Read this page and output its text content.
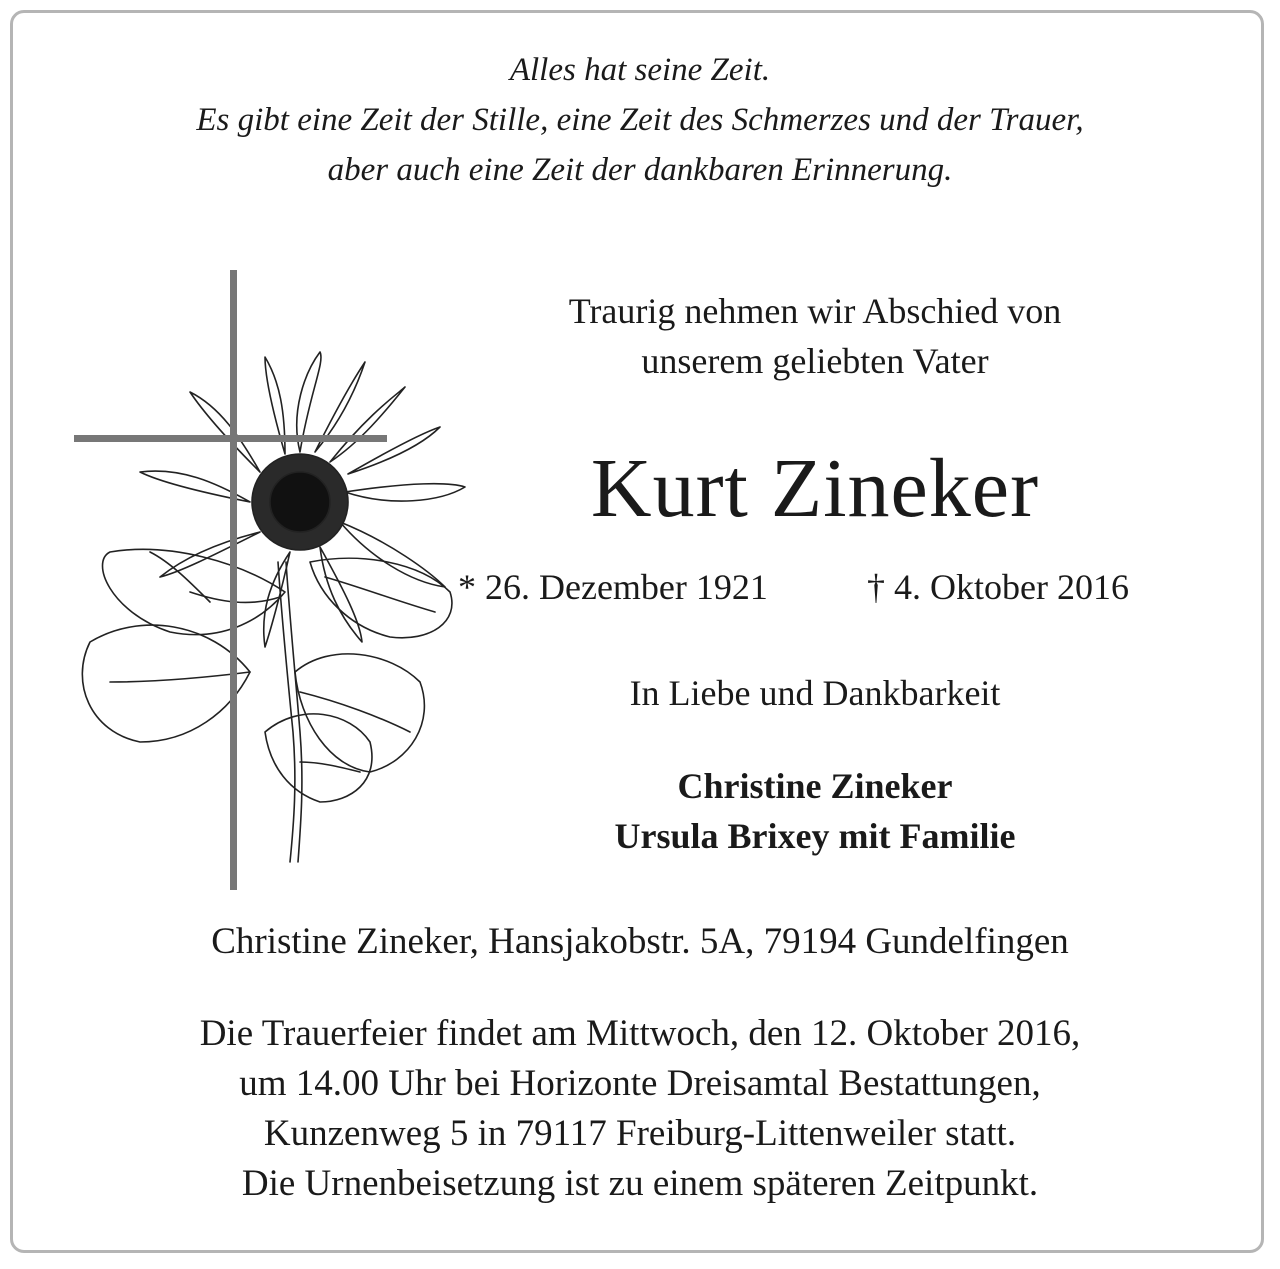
Alles hat seine Zeit.
Es gibt eine Zeit der Stille, eine Zeit des Schmerzes und der Trauer,
aber auch eine Zeit der dankbaren Erinnerung.
Traurig nehmen wir Abschied von
unserem geliebten Vater
Kurt Zineker
* 26. Dezember 1921	† 4. Oktober 2016
In Liebe und Dankbarkeit
Christine Zineker
Ursula Brixey mit Familie
Christine Zineker, Hansjakobstr. 5A, 79194 Gundelfingen
Die Trauerfeier findet am Mittwoch, den 12. Oktober 2016,
um 14.00 Uhr bei Horizonte Dreisamtal Bestattungen,
Kunzenweg 5 in 79117 Freiburg-Littenweiler statt.
Die Urnenbeisetzung ist zu einem späteren Zeitpunkt.
